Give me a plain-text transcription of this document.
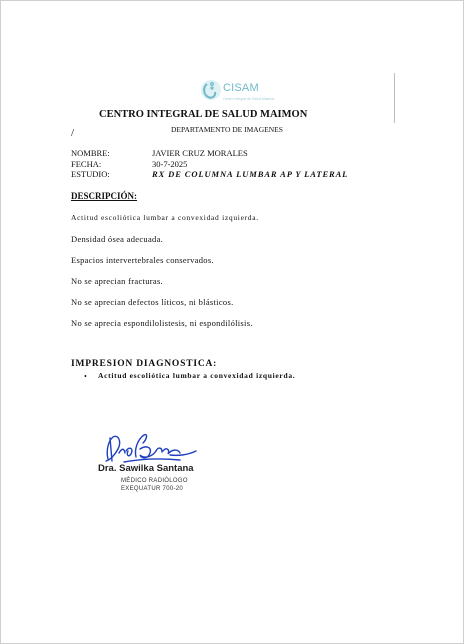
CISAM
Centro Integral de Salud Maimon
CENTRO INTEGRAL DE SALUD MAIMON
/	DEPARTAMENTO DE IMAGENES
NOMBRE:	JAVIER CRUZ MORALES
FECHA:	30-7-2025
ESTUDIO:	RX DE COLUMNA LUMBAR AP Y LATERAL
DESCRIPCIÓN:
Actitud escoliótica lumbar a convexidad izquierda.
Densidad ósea adecuada.
Espacios intervertebrales conservados.
No se aprecian fracturas.
No se aprecian defectos líticos, ni blásticos.
No se aprecia espondilolistesis, ni espondilólisis.
IMPRESION DIAGNOSTICA:
• Actitud escoliótica lumbar a convexidad izquierda.
Dra. Sawilka Santana
MÉDICO RADIÓLOGO
EXEQUATUR 700-20
